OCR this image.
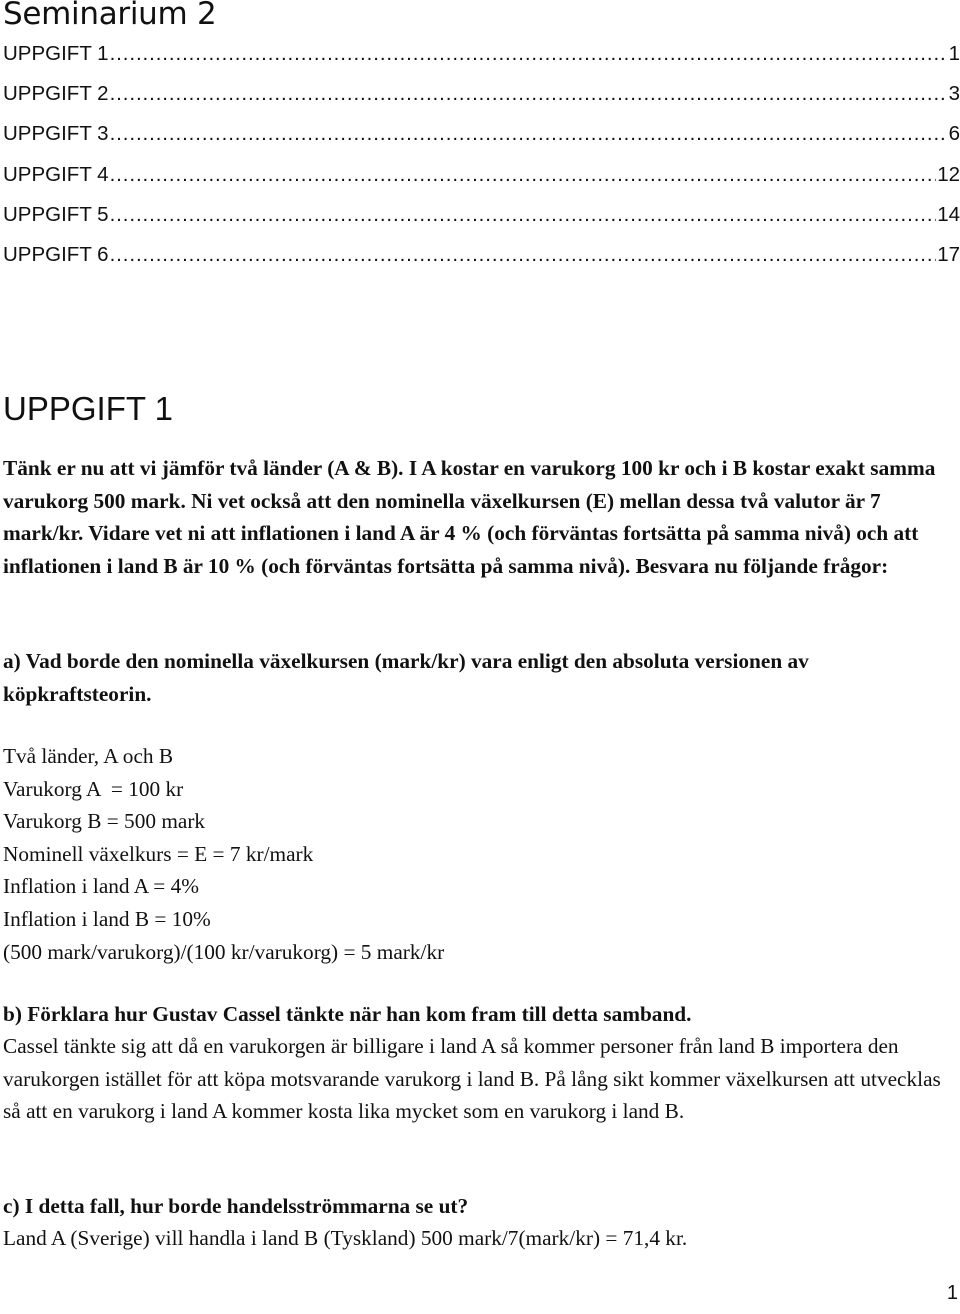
Seminarium 2
UPPGIFT 1 . . .	1
UPPGIFT 2 . . .	3
UPPGIFT 3 . . .	6
UPPGIFT 4 . . .	12
UPPGIFT 5 . . .	14
UPPGIFT 6 . . .	17
UPPGIFT 1

Tänk er nu att vi jämför två länder (A & B). I A kostar en varukorg 100 kr och i B kostar exakt samma varukorg 500 mark. Ni vet också att den nominella växelkursen (E) mellan dessa två valutor är 7 mark/kr. Vidare vet ni att inflationen i land A är 4 % (och förväntas fortsätta på samma nivå) och att inflationen i land B är 10 % (och förväntas fortsätta på samma nivå). Besvara nu följande frågor:

a) Vad borde den nominella växelkursen (mark/kr) vara enligt den absoluta versionen av köpkraftsteorin.

Två länder, A och B
Varukorg A  = 100 kr
Varukorg B = 500 mark
Nominell växelkurs = E = 7 kr/mark
Inflation i land A = 4%
Inflation i land B = 10%
(500 mark/varukorg)/(100 kr/varukorg) = 5 mark/kr

b) Förklara hur Gustav Cassel tänkte när han kom fram till detta samband.

Cassel tänkte sig att då en varukorgen är billigare i land A så kommer personer från land B importera den varukorgen istället för att köpa motsvarande varukorg i land B. På lång sikt kommer växelkursen att utvecklas så att en varukorg i land A kommer kosta lika mycket som en varukorg i land B.

c) I detta fall, hur borde handelsströmmarna se ut?

Land A (Sverige) vill handla i land B (Tyskland) 500 mark/7(mark/kr) = 71,4 kr.

1
